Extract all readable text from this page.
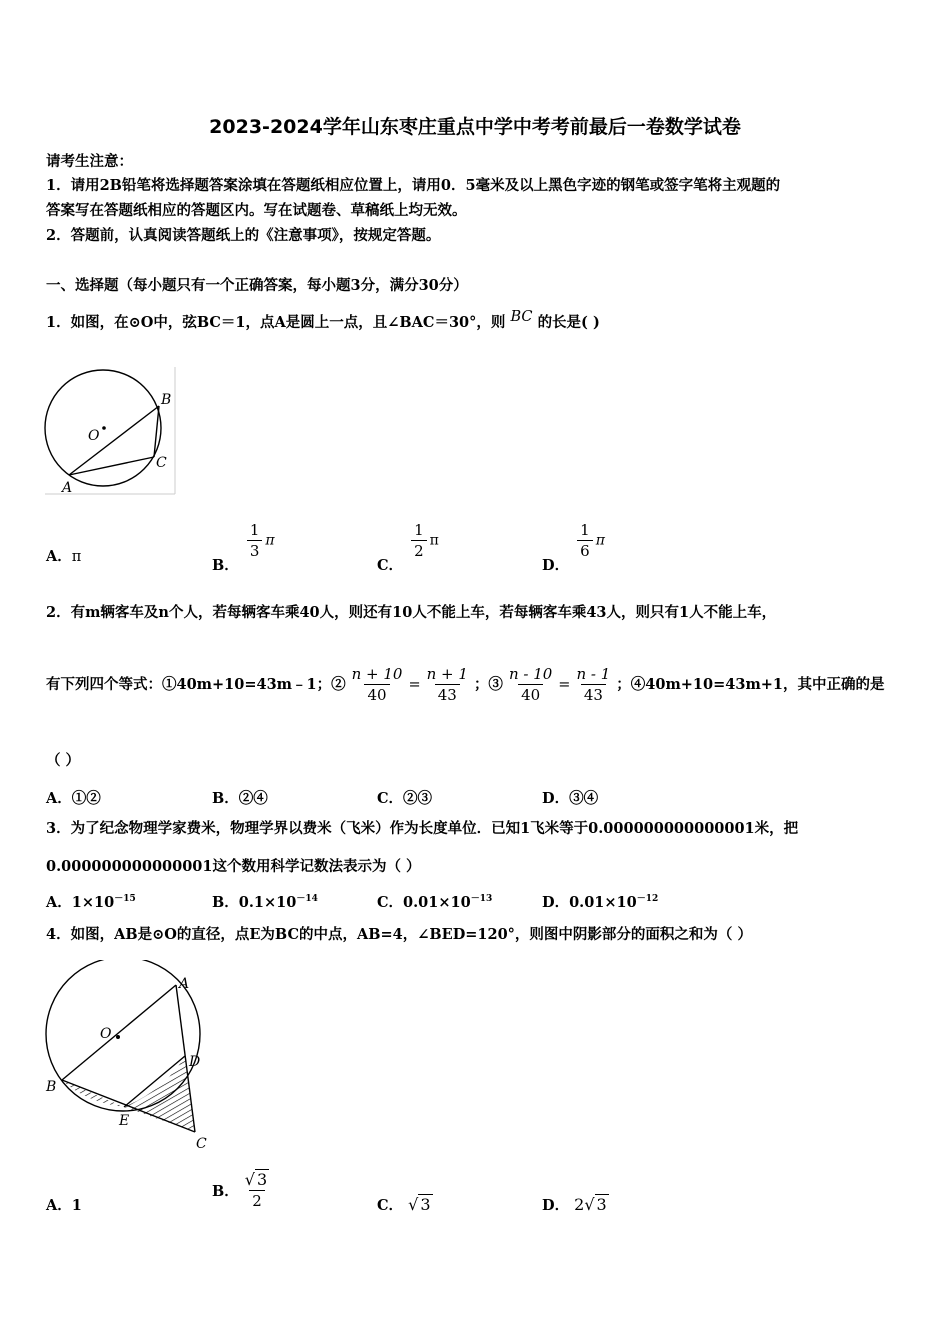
2023-2024学年山东枣庄重点中学中考考前最后一卷数学试卷
请考生注意：
1．请用2B铅笔将选择题答案涂填在答题纸相应位置上，请用0．5毫米及以上黑色字迹的钢笔或签字笔将主观题的
答案写在答题纸相应的答题区内。写在试题卷、草稿纸上均无效。
2．答题前，认真阅读答题纸上的《注意事项》，按规定答题。
一、选择题（每小题只有一个正确答案，每小题3分，满分30分）
1．如图，在⊙O中，弦BC＝1，点A是圆上一点，且∠BAC＝30°，则 BC 的长是( )
O
B
C
A
A．π	B．
$\frac{1}{3}$ π
C．
$\frac{1}{2}$ π
D．
$\frac{1}{6}$ π
2．有m辆客车及n个人，若每辆客车乘40人，则还有10人不能上车，若每辆客车乘43人，则只有1人不能上车，
有下列四个等式：①40m+10=43m﹣1；② $\frac{n + 10}{40} = \frac{n + 1}{43}$ ；③ $\frac{n - 10}{40} = \frac{n - 1}{43}$ ；④40m+10=43m+1，其中正确的是
（ ）
A．①②	B．②④	C．②③	D．③④
3．为了纪念物理学家费米，物理学界以费米（飞米）作为长度单位．已知1飞米等于0.000000000000001米，把
0.000000000000001这个数用科学记数法表示为（ ）
A．$1\times 10^{-15}$	B．$0.1\times 10^{-14}$	C．$0.01\times 10^{-13}$	D．$0.01\times 10^{-12}$
4．如图，AB是⊙O的直径，点E为BC的中点，AB=4，∠BED=120°，则图中阴影部分的面积之和为（ ）
A
O
D
B
E
C
A．1
B． $\frac{√ 3}{2}$	C． √ 3	D． 2√ 3
